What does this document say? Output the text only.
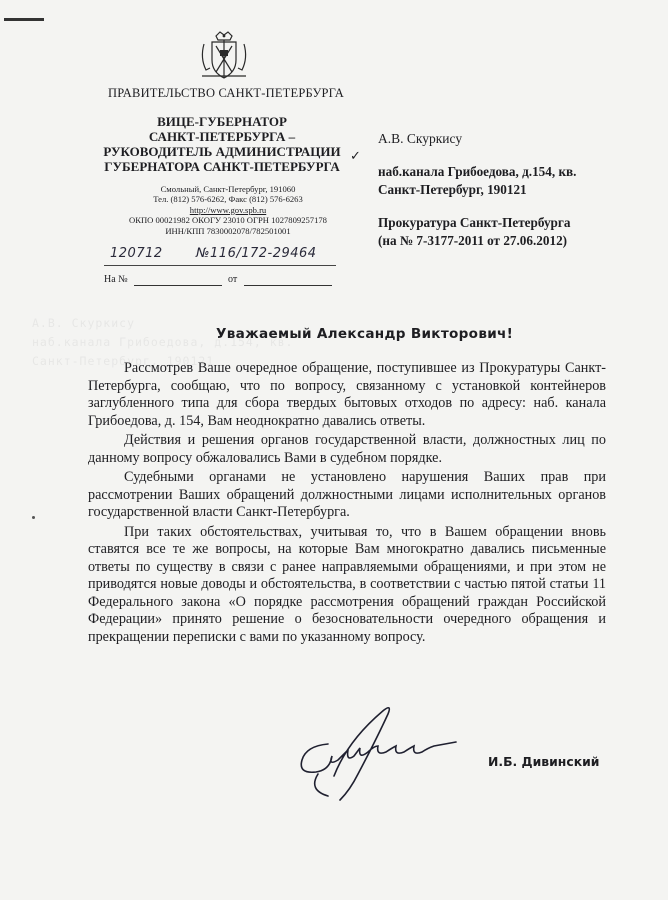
ПРАВИТЕЛЬСТВО САНКТ-ПЕТЕРБУРГА
ВИЦЕ-ГУБЕРНАТОР
САНКТ-ПЕТЕРБУРГА –
РУКОВОДИТЕЛЬ АДМИНИСТРАЦИИ
ГУБЕРНАТОРА САНКТ-ПЕТЕРБУРГА
✓
Смольный, Санкт-Петербург, 191060
Тел. (812) 576-6262, Факс (812) 576-6263
http://www.gov.spb.ru
ОКПО 00021982 ОКОГУ 23010 ОГРН 1027809257178
ИНН/КПП 7830002078/782501001
120712	№116/172-29464
На №	от
А.В. Скуркису
наб.канала Грибоедова, д.154, кв.
Санкт-Петербург, 190121
Прокуратура Санкт-Петербурга
(на № 7-3177-2011 от 27.06.2012)
А.В. Скуркису
наб.канала Грибоедова, д.154, кв.
Санкт-Петербург, 190121
Уважаемый Александр Викторович!

Рассмотрев Ваше очередное обращение, поступившее из Прокуратуры Санкт-Петербурга, сообщаю, что по вопросу, связанному с установкой контейнеров заглубленного типа для сбора твердых бытовых отходов по адресу: наб. канала Грибоедова, д. 154, Вам неоднократно давались ответы.

Действия и решения органов государственной власти, должностных лиц по данному вопросу обжаловались Вами в судебном порядке.

Судебными органами не установлено нарушения Ваших прав при рассмотрении Ваших обращений должностными лицами исполнительных органов государственной власти Санкт-Петербурга.

При таких обстоятельствах, учитывая то, что в Вашем обращении вновь ставятся все те же вопросы, на которые Вам многократно давались письменные ответы по существу в связи с ранее направляемыми обращениями, и при этом не приводятся новые доводы и обстоятельства, в соответствии с частью пятой статьи 11 Федерального закона «О порядке рассмотрения обращений граждан Российской Федерации» принято решение о безосновательности очередного обращения и прекращении переписки с вами по указанному вопросу.

И.Б. Дивинский
